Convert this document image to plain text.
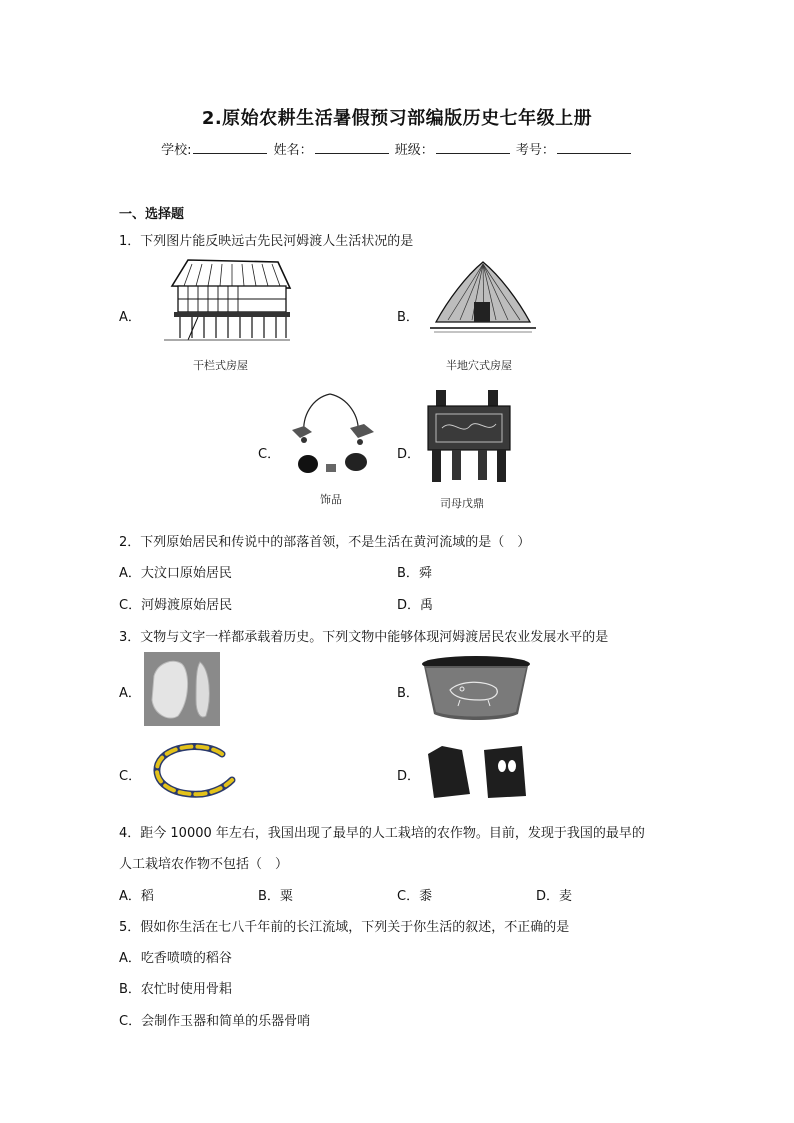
2.原始农耕生活暑假预习部编版历史七年级上册
学校:	姓名：	班级：	考号：
一、选择题
1．下列图片能反映远古先民河姆渡人生活状况的是
A．
干栏式房屋
B．
半地穴式房屋
C．
饰品
D．
司母戊鼎
2．下列原始居民和传说中的部落首领，不是生活在黄河流域的是（　）
A．大汶口原始居民	B．舜
C．河姆渡原始居民	D．禹
3．文物与文字一样都承载着历史。下列文物中能够体现河姆渡居民农业发展水平的是
A．	B．
C．	D．
4．距今 10000 年左右，我国出现了最早的人工栽培的农作物。目前，发现于我国的最早的
人工栽培农作物不包括（　）
A．稻	B．粟	C．黍	D．麦
5．假如你生活在七八千年前的长江流域，下列关于你生活的叙述，不正确的是
A．吃香喷喷的稻谷
B．农忙时使用骨耜
C．会制作玉器和简单的乐器骨哨
